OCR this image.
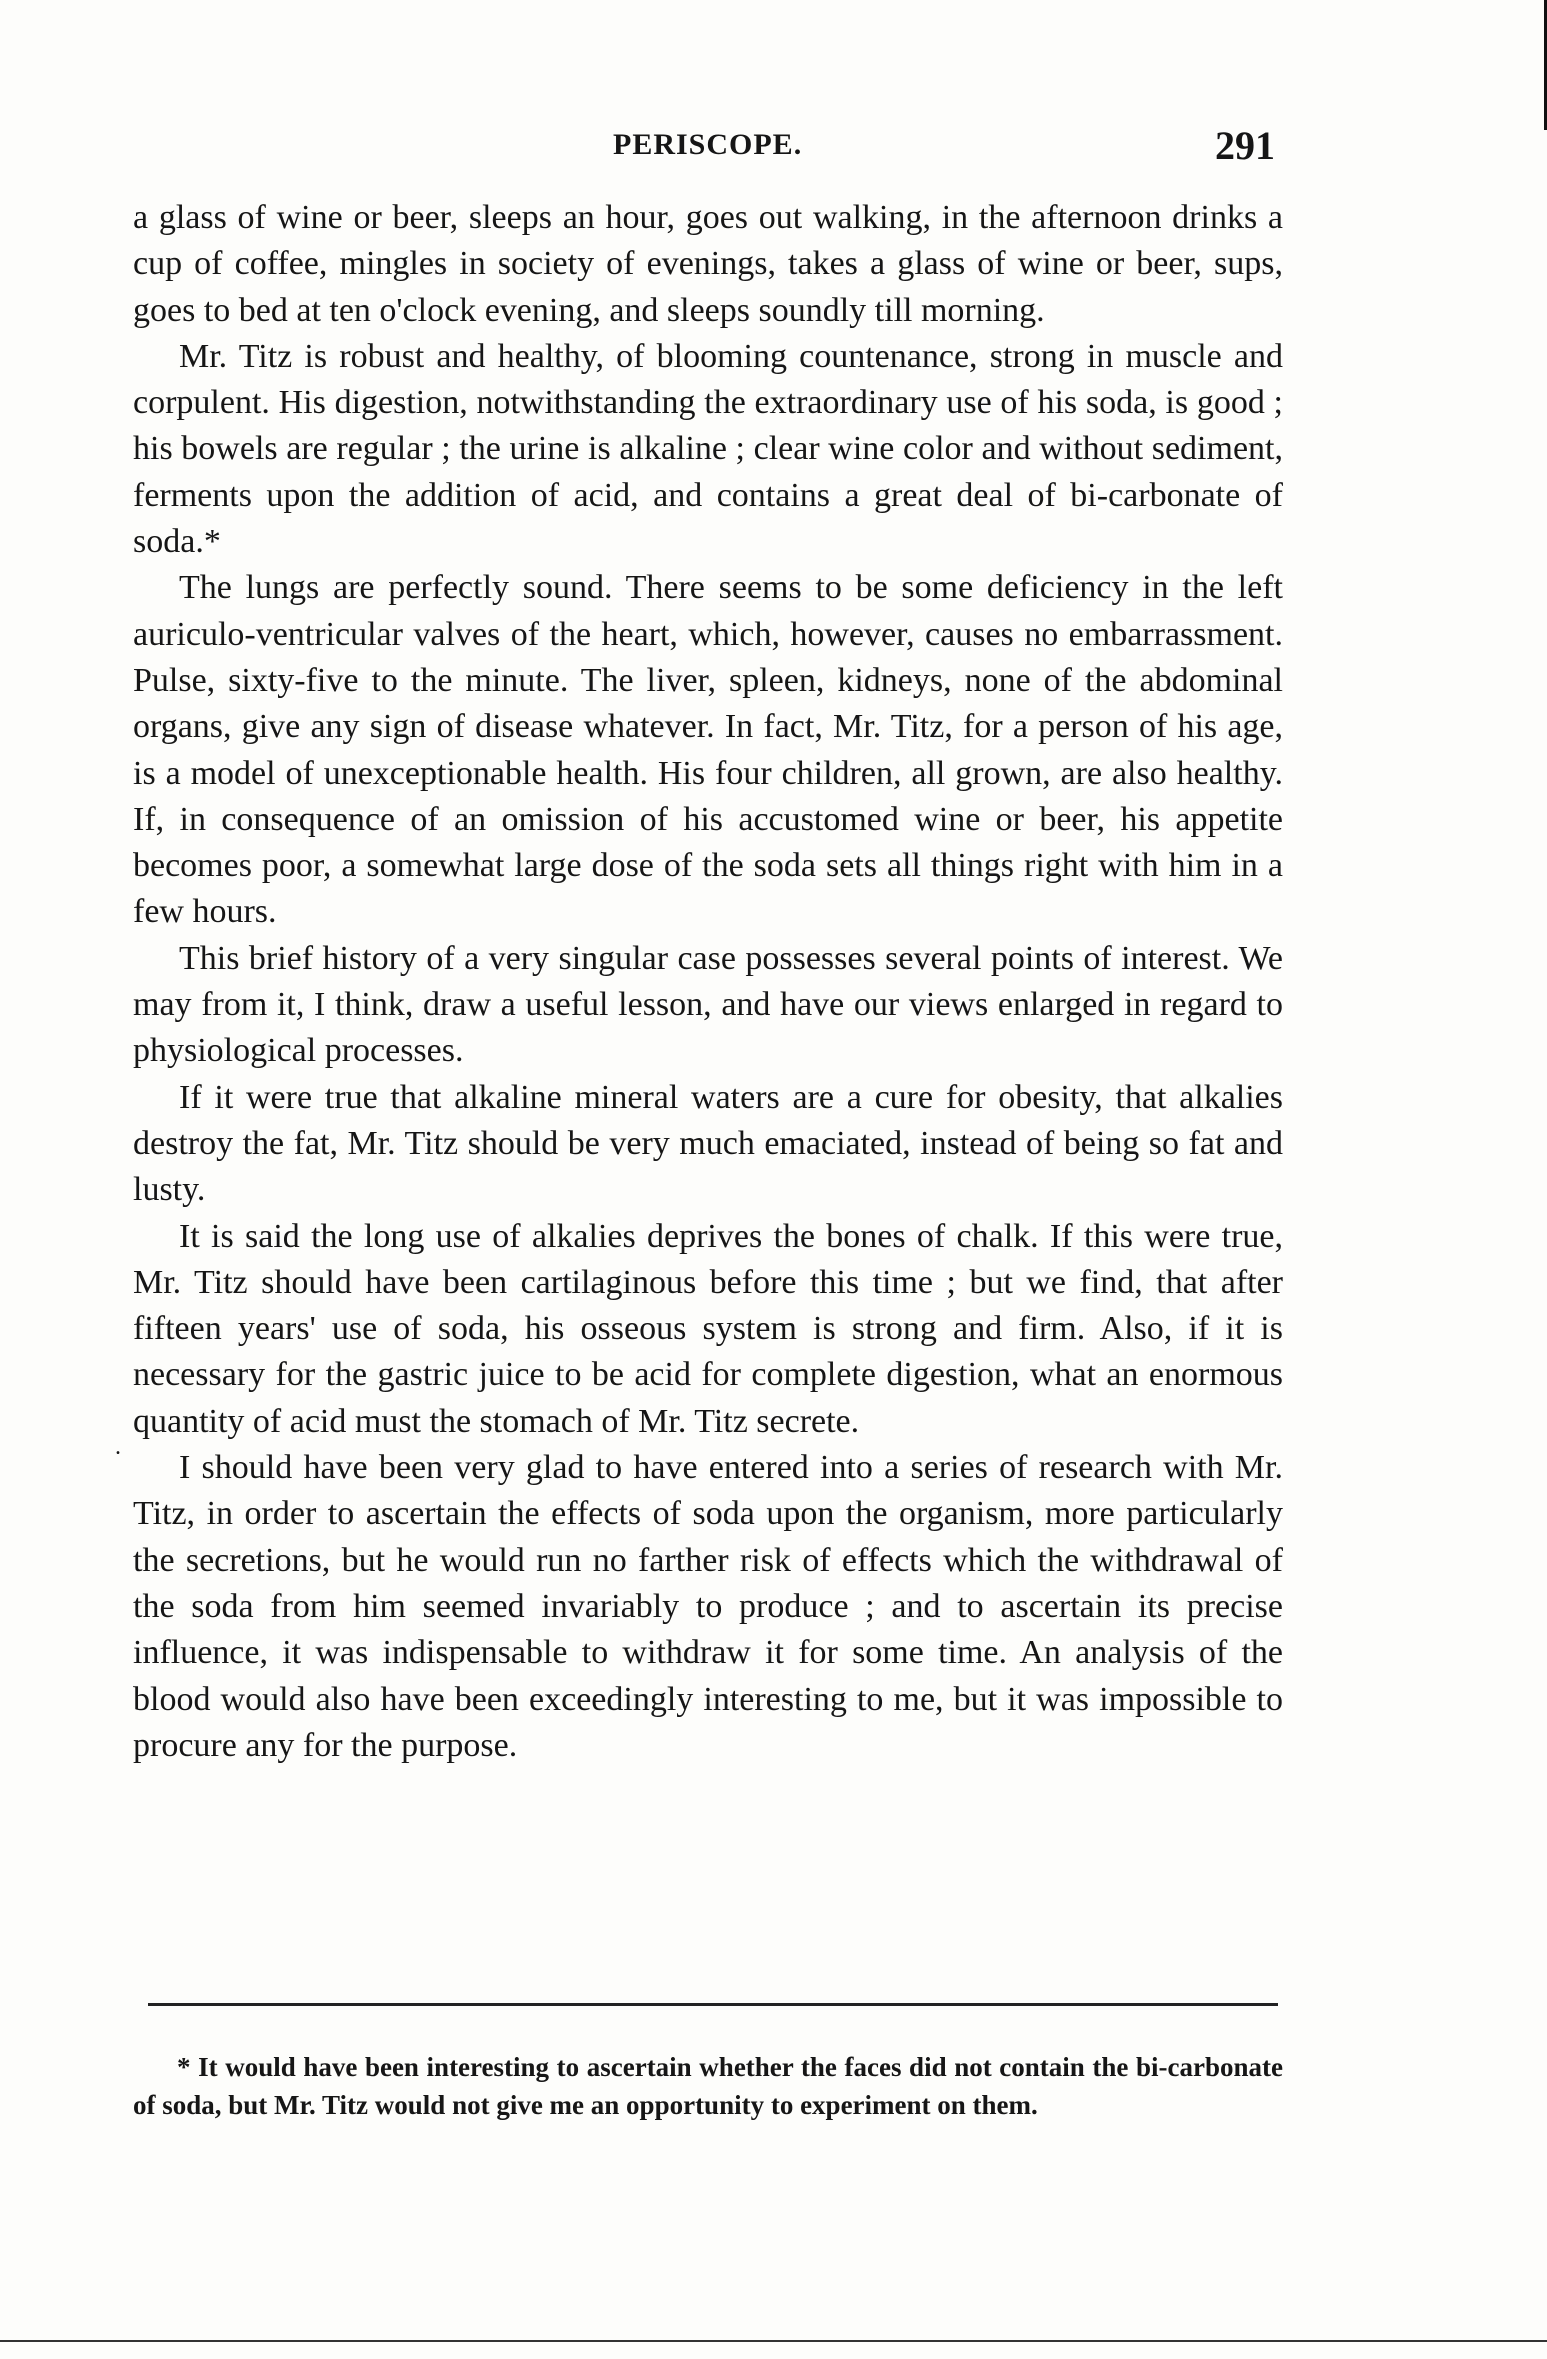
PERISCOPE.	291

a glass of wine or beer, sleeps an hour, goes out walking, in the afternoon drinks a cup of coffee, mingles in society of evenings, takes a glass of wine or beer, sups, goes to bed at ten o'clock evening, and sleeps soundly till morning.

Mr. Titz is robust and healthy, of blooming countenance, strong in muscle and corpulent. His digestion, notwithstanding the extraordinary use of his soda, is good ; his bowels are regular ; the urine is alkaline ; clear wine color and without sediment, ferments upon the addition of acid, and contains a great deal of bi-carbonate of soda.*

The lungs are perfectly sound. There seems to be some deficiency in the left auriculo-ventricular valves of the heart, which, however, causes no embarrassment. Pulse, sixty-five to the minute. The liver, spleen, kidneys, none of the abdominal organs, give any sign of disease whatever. In fact, Mr. Titz, for a person of his age, is a model of unexceptionable health. His four children, all grown, are also healthy. If, in consequence of an omission of his accustomed wine or beer, his appetite becomes poor, a somewhat large dose of the soda sets all things right with him in a few hours.

This brief history of a very singular case possesses several points of interest. We may from it, I think, draw a useful lesson, and have our views enlarged in regard to physiological processes.

If it were true that alkaline mineral waters are a cure for obesity, that alkalies destroy the fat, Mr. Titz should be very much emaciated, instead of being so fat and lusty.

It is said the long use of alkalies deprives the bones of chalk. If this were true, Mr. Titz should have been cartilaginous before this time ; but we find, that after fifteen years' use of soda, his osseous system is strong and firm. Also, if it is necessary for the gastric juice to be acid for complete digestion, what an enormous quantity of acid must the stomach of Mr. Titz secrete.

I should have been very glad to have entered into a series of research with Mr. Titz, in order to ascertain the effects of soda upon the organism, more particularly the secretions, but he would run no farther risk of effects which the withdrawal of the soda from him seemed invariably to produce ; and to ascertain its precise influence, it was indispensable to withdraw it for some time. An analysis of the blood would also have been exceedingly interesting to me, but it was impossible to procure any for the purpose.

.

* It would have been interesting to ascertain whether the faces did not contain the bi-carbonate of soda, but Mr. Titz would not give me an opportunity to experiment on them.
